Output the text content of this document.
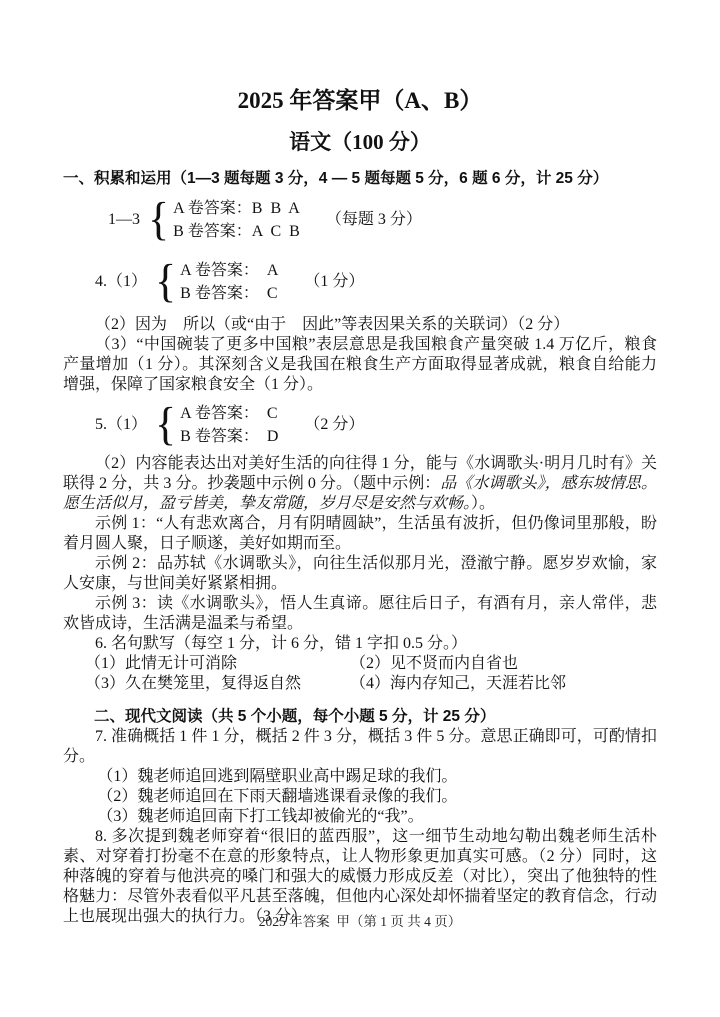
2025 年答案甲（A、B）
语文（100 分）
一、积累和运用（1—3 题每题 3 分，4 — 5 题每题 5 分，6 题 6 分，计 25 分）
1—3 { A 卷答案：B  B  A
B 卷答案：A  C  B
（每题 3 分）
4.（1） { A 卷答案：  A
B 卷答案：  C
（1 分）

（2）因为　所以（或“由于　因此”等表因果关系的关联词）（2 分）

（3）“中国碗装了更多中国粮”表层意思是我国粮食产量突破 1.4 万亿斤，粮食产量增加（1 分）。其深刻含义是我国在粮食生产方面取得显著成就，粮食自给能力增强，保障了国家粮食安全（1 分）。

5.（1） { A 卷答案：  C
B 卷答案：  D
（2 分）

（2）内容能表达出对美好生活的向往得 1 分，能与《水调歌头·明月几时有》关联得 2 分，共 3 分。抄袭题中示例 0 分。（题中示例：品《水调歌头》，感东坡情思。愿生活似月，盈亏皆美，挚友常随，岁月尽是安然与欢畅。）。

示例 1：“人有悲欢离合，月有阴晴圆缺”，生活虽有波折，但仍像词里那般，盼着月圆人聚，日子顺遂，美好如期而至。

示例 2：品苏轼《水调歌头》，向往生活似那月光，澄澈宁静。愿岁岁欢愉，家人安康，与世间美好紧紧相拥。

示例 3：读《水调歌头》，悟人生真谛。愿往后日子，有酒有月，亲人常伴，悲欢皆成诗，生活满是温柔与希望。

6. 名句默写（每空 1 分，计 6 分，错 1 字扣 0.5 分。）

（1）此情无计可消除	（2）见不贤而内自省也
（3）久在樊笼里，复得返自然	（4）海内存知己，天涯若比邻
二、现代文阅读（共 5 个小题，每个小题 5 分，计 25 分）

7. 准确概括 1 件 1 分，概括 2 件 3 分，概括 3 件 5 分。意思正确即可，可酌情扣分。

（1）魏老师追回逃到隔壁职业高中踢足球的我们。
（2）魏老师追回在下雨天翻墙逃课看录像的我们。
（3）魏老师追回南下打工钱却被偷光的“我”。

8. 多次提到魏老师穿着“很旧的蓝西服”，这一细节生动地勾勒出魏老师生活朴素、对穿着打扮毫不在意的形象特点，让人物形象更加真实可感。（2 分）同时，这种落魄的穿着与他洪亮的嗓门和强大的威慑力形成反差（对比），突出了他独特的性格魅力：尽管外表看似平凡甚至落魄，但他内心深处却怀揣着坚定的教育信念，行动上也展现出强大的执行力。（3 分）

2025 年答案  甲（第 1 页 共 4 页）
